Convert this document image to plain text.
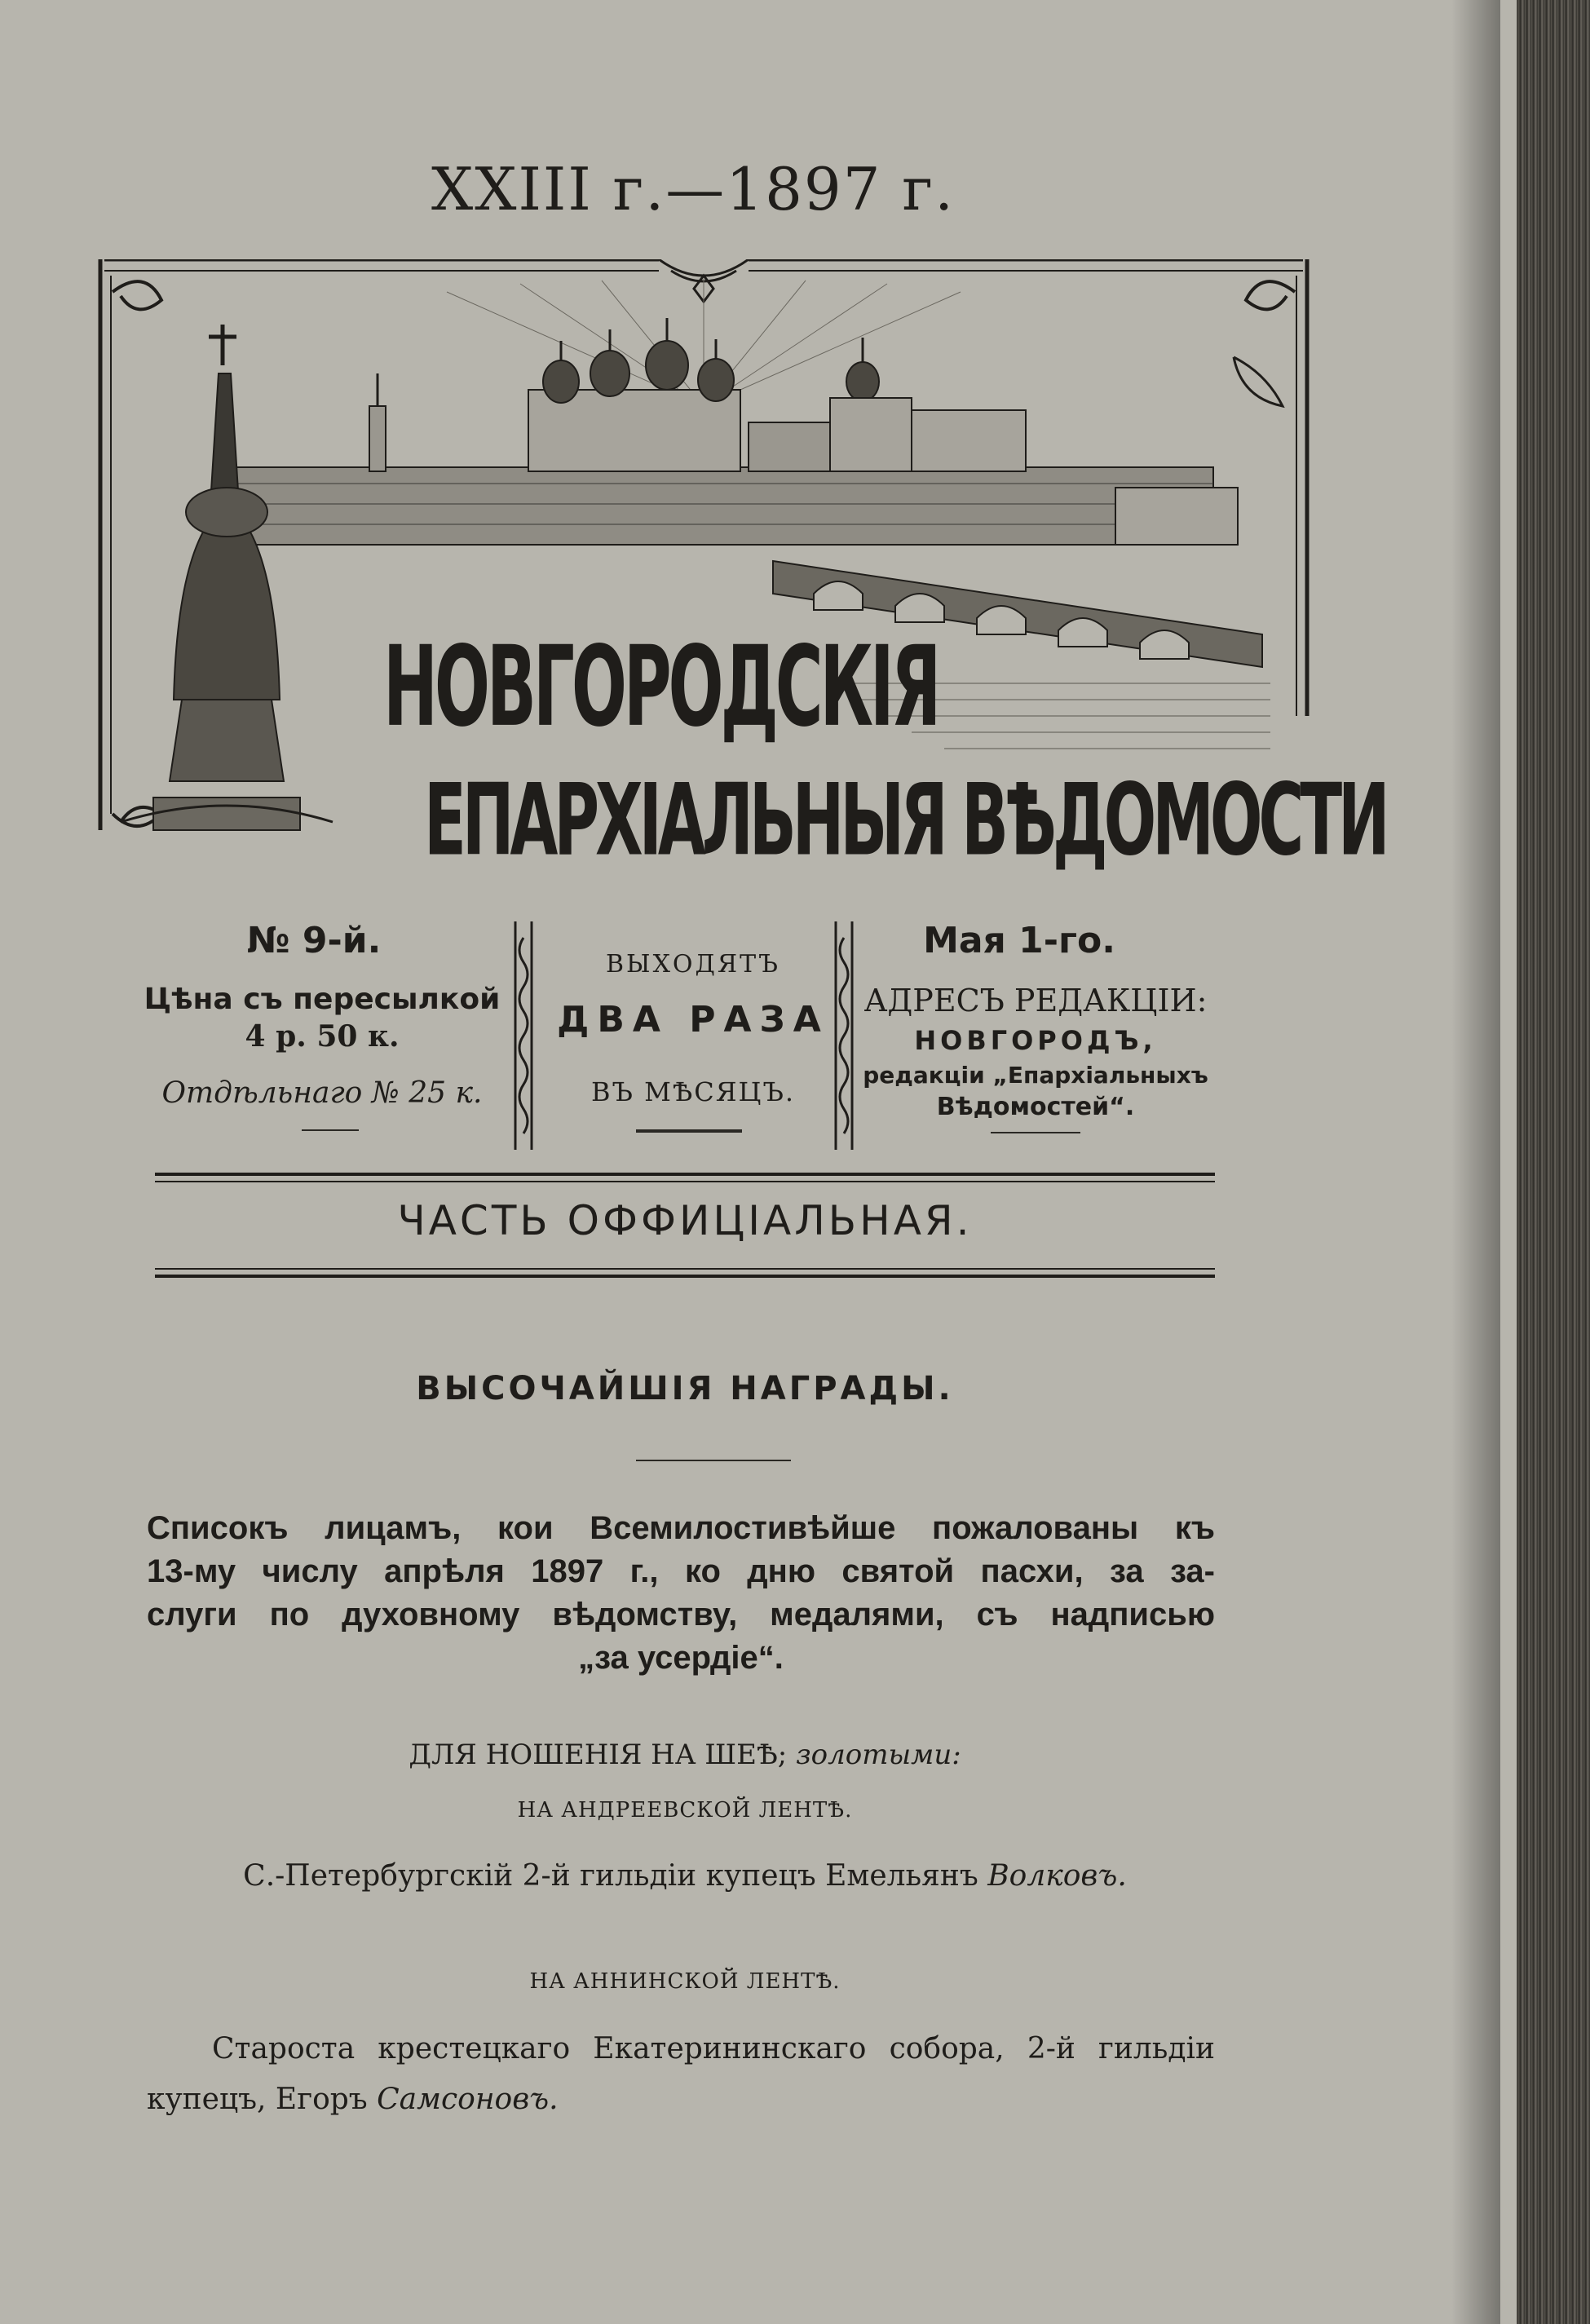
XXIII г.—1897 г.
НОВГОРОДСКІЯ
ЕПАРХІАЛЬНЫЯ ВѢДОМОСТИ
№ 9-й.
Цѣна съ пересылкой
4 р. 50 к.
Отдѣльнаго № 25 к.
ВЫХОДЯТЪ
ДВА РАЗА
ВЪ МѢСЯЦЪ.
Мая 1-го.
АДРЕСЪ РЕДАКЦІИ:
НОВГОРОДЪ,
редакціи „Епархіальныхъ
Вѣдомостей“.
ЧАСТЬ ОФФИЦІАЛЬНАЯ.
ВЫСОЧАЙШІЯ НАГРАДЫ.
Списокъ лицамъ, кои Всемилостивѣйше пожалованы къ
13-му числу апрѣля 1897 г., ко дню святой пасхи, за за-
слуги по духовному вѣдомству, медалями, съ надписью
„за усердіе“.
ДЛЯ НОШЕНІЯ НА ШЕѢ; золотыми:
НА АНДРЕЕВСКОЙ ЛЕНТѢ.
С.-Петербургскій 2-й гильдіи купецъ Емельянъ Волковъ.
НА АННИНСКОЙ ЛЕНТѢ.
Староста крестецкаго Екатерининскаго собора, 2-й гильдіи
купецъ, Егоръ Самсоновъ.
